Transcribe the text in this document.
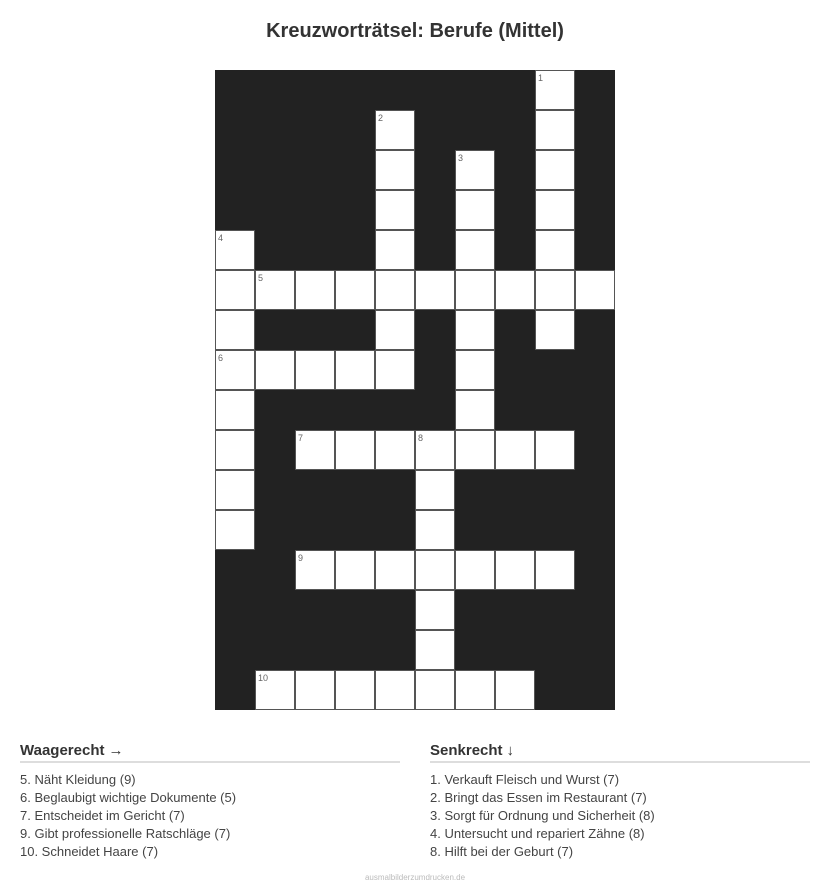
Kreuzworträtsel: Berufe (Mittel)
1
2
3
4
5
6
7	8
9
10
Waagerecht →
5. Näht Kleidung (9)
6. Beglaubigt wichtige Dokumente (5)
7. Entscheidet im Gericht (7)
9. Gibt professionelle Ratschläge (7)
10. Schneidet Haare (7)
Senkrecht ↓
1. Verkauft Fleisch und Wurst (7)
2. Bringt das Essen im Restaurant (7)
3. Sorgt für Ordnung und Sicherheit (8)
4. Untersucht und repariert Zähne (8)
8. Hilft bei der Geburt (7)
ausmalbilderzumdrucken.de
